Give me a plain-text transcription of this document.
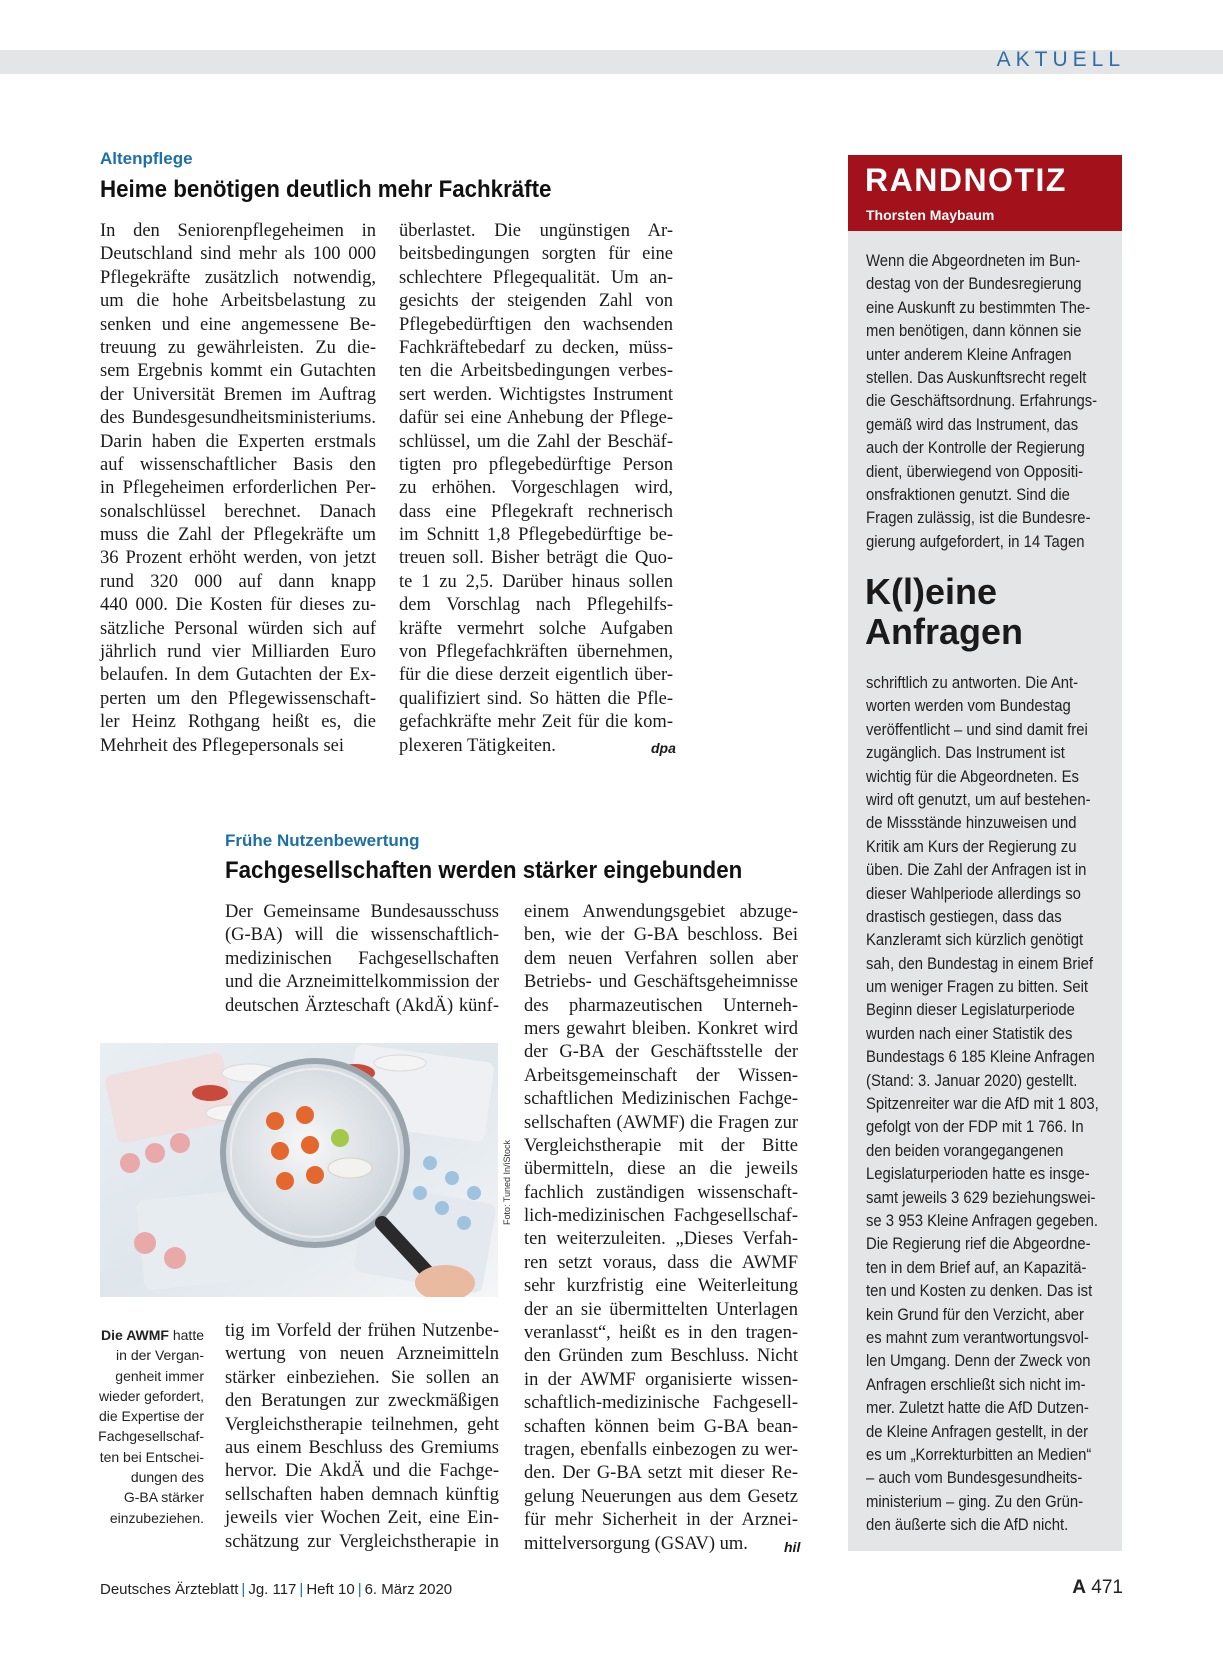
AKTUELL
Altenpflege
Heime benötigen deutlich mehr Fachkräfte
In den Seniorenpflegeheimen in
Deutschland sind mehr als 100 000
Pflegekräfte zusätzlich notwendig,
um die hohe Arbeitsbelastung zu
senken und eine angemessene Be-
treuung zu gewährleisten. Zu die-
sem Ergebnis kommt ein Gutachten
der Universität Bremen im Auftrag
des Bundesgesundheitsministeriums.
Darin haben die Experten erstmals
auf wissenschaftlicher Basis den
in Pflegeheimen erforderlichen Per-
sonalschlüssel berechnet. Danach
muss die Zahl der Pflegekräfte um
36 Prozent erhöht werden, von jetzt
rund 320 000 auf dann knapp
440 000. Die Kosten für dieses zu-
sätzliche Personal würden sich auf
jährlich rund vier Milliarden Euro
belaufen. In dem Gutachten der Ex-
perten um den Pflegewissenschaft-
ler Heinz Rothgang heißt es, die
Mehrheit des Pflegepersonals sei
überlastet. Die ungünstigen Ar-
beitsbedingungen sorgten für eine
schlechtere Pflegequalität. Um an-
gesichts der steigenden Zahl von
Pflegebedürftigen den wachsenden
Fachkräftebedarf zu decken, müss-
ten die Arbeitsbedingungen verbes-
sert werden. Wichtigstes Instrument
dafür sei eine Anhebung der Pflege-
schlüssel, um die Zahl der Beschäf-
tigten pro pflegebedürftige Person
zu erhöhen. Vorgeschlagen wird,
dass eine Pflegekraft rechnerisch
im Schnitt 1,8 Pflegebedürftige be-
treuen soll. Bisher beträgt die Quo-
te 1 zu 2,5. Darüber hinaus sollen
dem Vorschlag nach Pflegehilfs-
kräfte vermehrt solche Aufgaben
von Pflegefachkräften übernehmen,
für die diese derzeit eigentlich über-
qualifiziert sind. So hätten die Pfle-
gefachkräfte mehr Zeit für die kom-
plexeren Tätigkeiten.	dpa
Frühe Nutzenbewertung
Fachgesellschaften werden stärker eingebunden
Der Gemeinsame Bundesausschuss
(G-BA) will die wissenschaftlich-
medizinischen Fachgesellschaften
und die Arzneimittelkommission der
deutschen Ärzteschaft (AkdÄ) künf-
tig im Vorfeld der frühen Nutzenbe-
wertung von neuen Arzneimitteln
stärker einbeziehen. Sie sollen an
den Beratungen zur zweckmäßigen
Vergleichstherapie teilnehmen, geht
aus einem Beschluss des Gremiums
hervor. Die AkdÄ und die Fachge-
sellschaften haben demnach künftig
jeweils vier Wochen Zeit, eine Ein-
schätzung zur Vergleichstherapie in
einem Anwendungsgebiet abzuge-
ben, wie der G-BA beschloss. Bei
dem neuen Verfahren sollen aber
Betriebs- und Geschäftsgeheimnisse
des pharmazeutischen Unterneh-
mers gewahrt bleiben. Konkret wird
der G-BA der Geschäftsstelle der
Arbeitsgemeinschaft der Wissen-
schaftlichen Medizinischen Fachge-
sellschaften (AWMF) die Fragen zur
Vergleichstherapie mit der Bitte
übermitteln, diese an die jeweils
fachlich zuständigen wissenschaft-
lich-medizinischen Fachgesellschaf-
ten weiterzuleiten. „Dieses Verfah-
ren setzt voraus, dass die AWMF
sehr kurzfristig eine Weiterleitung
der an sie übermittelten Unterlagen
veranlasst“, heißt es in den tragen-
den Gründen zum Beschluss. Nicht
in der AWMF organisierte wissen-
schaftlich-medizinische Fachgesell-
schaften können beim G-BA bean-
tragen, ebenfalls einbezogen zu wer-
den. Der G-BA setzt mit dieser Re-
gelung Neuerungen aus dem Gesetz
für mehr Sicherheit in der Arznei-
mittelversorgung (GSAV) um.	hil
Foto: Tuned In/iStock
Die AWMF hatte
in der Vergan-
genheit immer
wieder gefordert,
die Expertise der
Fachgesellschaf-
ten bei Entschei-
dungen des
G-BA stärker
einzubeziehen.
RANDNOTIZ
Thorsten Maybaum
Wenn die Abgeordneten im Bun-
destag von der Bundesregierung
eine Auskunft zu bestimmten The-
men benötigen, dann können sie
unter anderem Kleine Anfragen
stellen. Das Auskunftsrecht regelt
die Geschäftsordnung. Erfahrungs-
gemäß wird das Instrument, das
auch der Kontrolle der Regierung
dient, überwiegend von Oppositi-
onsfraktionen genutzt. Sind die
Fragen zulässig, ist die Bundesre-
gierung aufgefordert, in 14 Tagen
K(l)eine
Anfragen
schriftlich zu antworten. Die Ant-
worten werden vom Bundestag
veröffentlicht – und sind damit frei
zugänglich. Das Instrument ist
wichtig für die Abgeordneten. Es
wird oft genutzt, um auf bestehen-
de Missstände hinzuweisen und
Kritik am Kurs der Regierung zu
üben. Die Zahl der Anfragen ist in
dieser Wahlperiode allerdings so
drastisch gestiegen, dass das
Kanzleramt sich kürzlich genötigt
sah, den Bundestag in einem Brief
um weniger Fragen zu bitten. Seit
Beginn dieser Legislaturperiode
wurden nach einer Statistik des
Bundestags 6 185 Kleine Anfragen
(Stand: 3. Januar 2020) gestellt.
Spitzenreiter war die AfD mit 1 803,
gefolgt von der FDP mit 1 766. In
den beiden vorangegangenen
Legislaturperioden hatte es insge-
samt jeweils 3 629 beziehungswei-
se 3 953 Kleine Anfragen gegeben.
Die Regierung rief die Abgeordne-
ten in dem Brief auf, an Kapazitä-
ten und Kosten zu denken. Das ist
kein Grund für den Verzicht, aber
es mahnt zum verantwortungsvol-
len Umgang. Denn der Zweck von
Anfragen erschließt sich nicht im-
mer. Zuletzt hatte die AfD Dutzen-
de Kleine Anfragen gestellt, in der
es um „Korrekturbitten an Medien“
– auch vom Bundesgesundheits-
ministerium – ging. Zu den Grün-
den äußerte sich die AfD nicht.
Deutsches Ärzteblatt | Jg. 117 | Heft 10 | 6. März 2020	A 471
